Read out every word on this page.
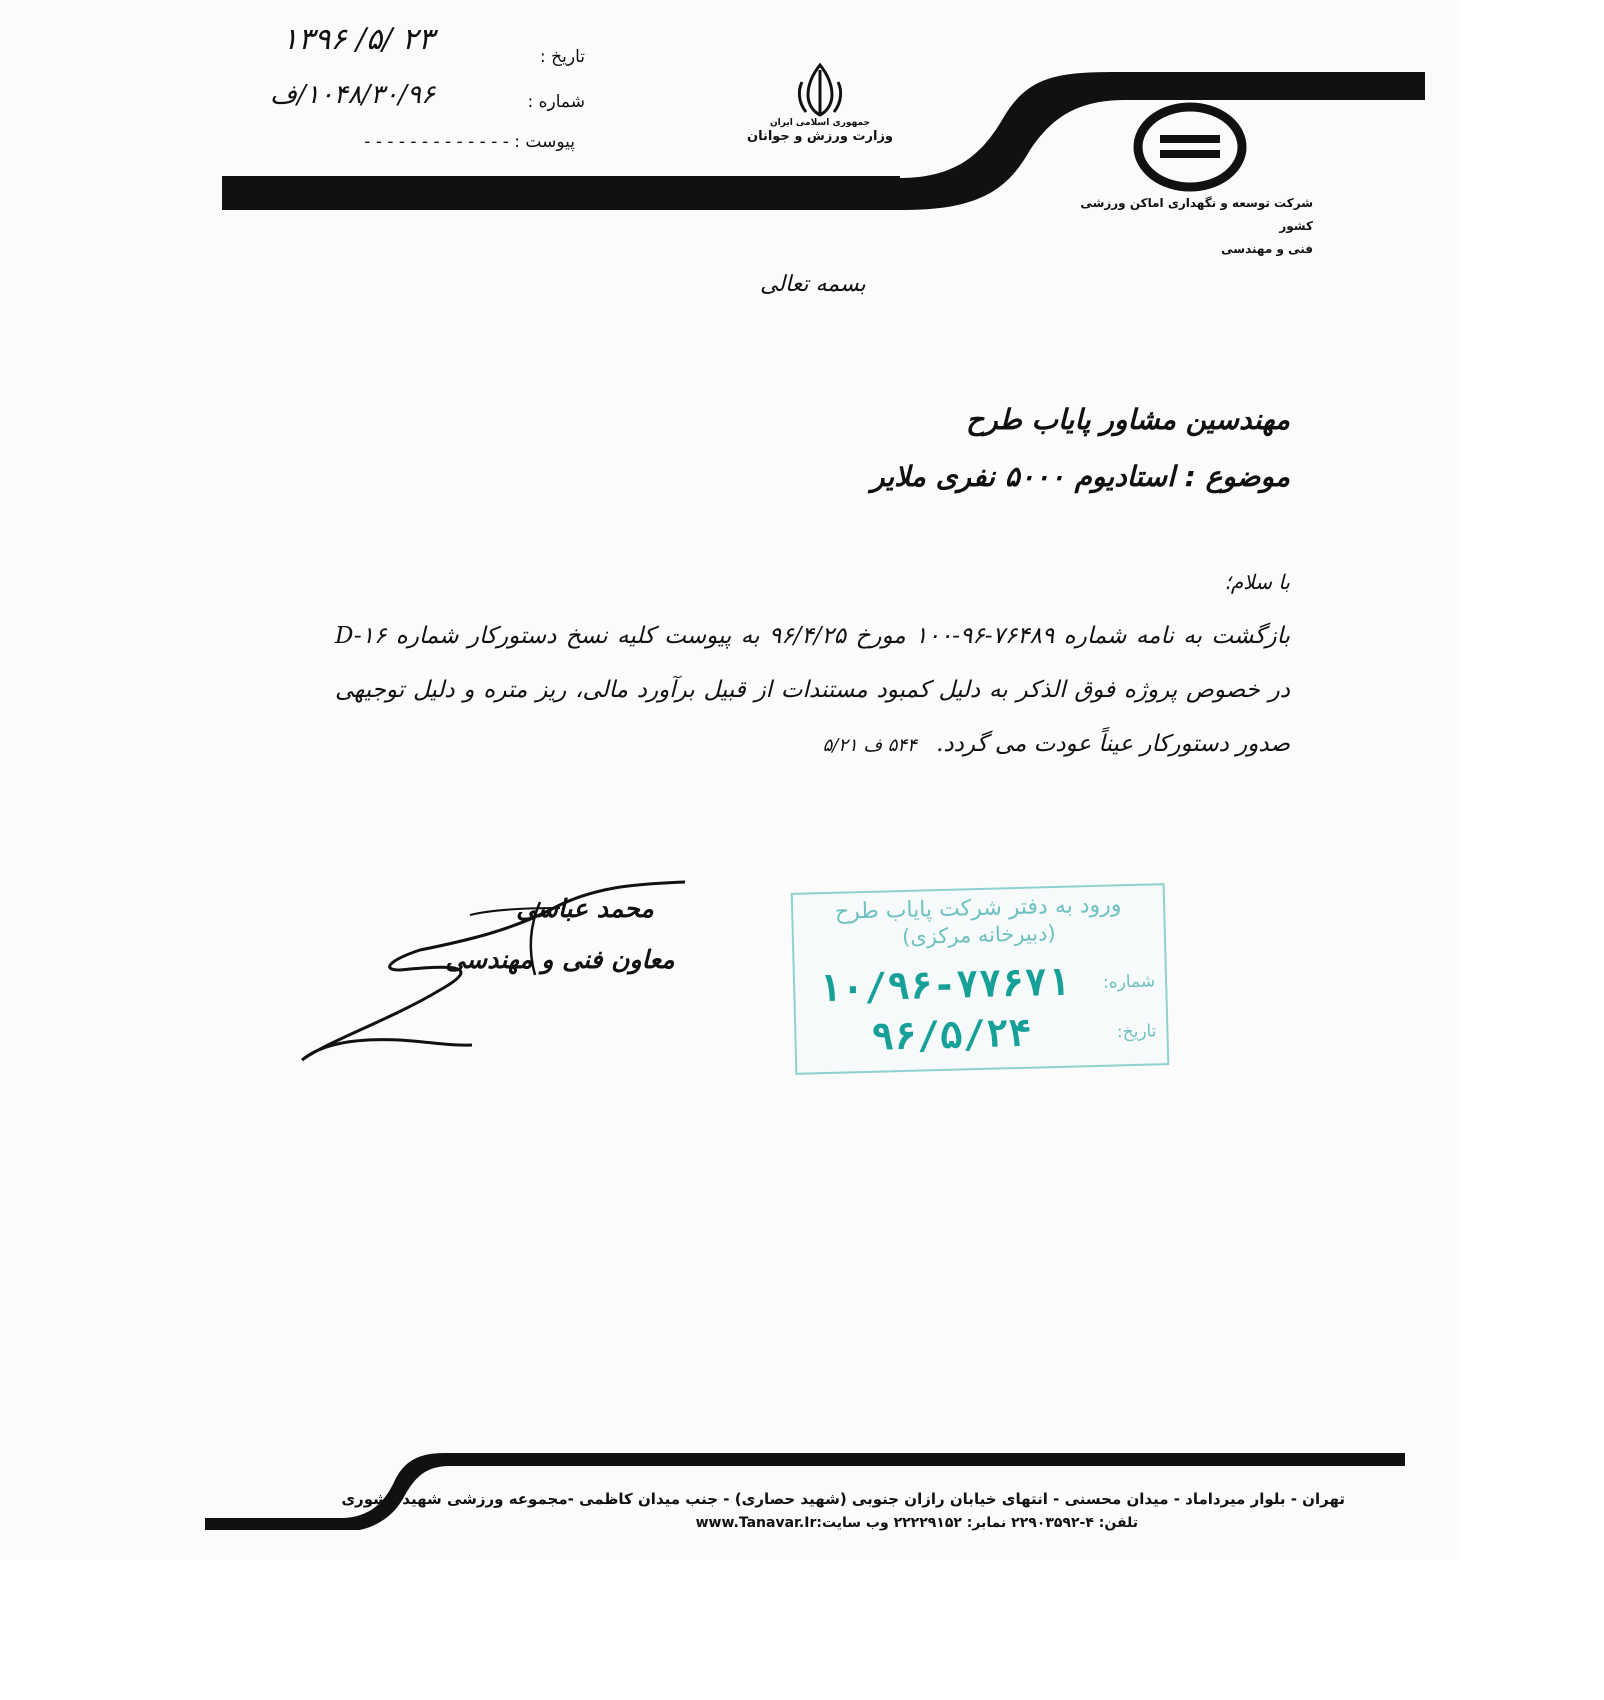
تاریخ :
۱۳۹۶ /۵/ ۲۳
شماره :
۱۰۴۸/۳۰/۹۶/ف
پیوست : - - - - - - - - - - - - -
جمهوری اسلامی ایران
وزارت ورزش و جوانان
شرکت توسعه و نگهداری اماکن ورزشی کشور
فنی و مهندسی
بسمه تعالی
مهندسین مشاور پایاب طرح
موضوع : استادیوم ۵۰۰۰ نفری ملایر
با سلام؛
بازگشت به نامه شماره ۷۶۴۸۹-۹۶-۱۰۰ مورخ ۹۶/۴/۲۵ به پیوست کلیه نسخ دستورکار شماره D-۱۶ در خصوص پروژه فوق الذکر به دلیل کمبود مستندات از قبیل برآورد مالی، ریز متره و دلیل توجیهی صدور دستورکار عیناً عودت می گردد. ۵۴۴ ف ۵/۲۱
محمد عباسی
معاون فنی و مهندسی
ورود به دفتر شرکت پایاب طرح
(دبیرخانه مرکزی)
شماره:
۱۰/۹۶-۷۷۶۷۱
تاریخ:
۹۶/۵/۲۴
تهران - بلوار میرداماد - میدان محسنی - انتهای خیابان رازان جنوبی (شهید حصاری) - جنب میدان کاظمی -مجموعه ورزشی شهید کشوری
تلفن: ۴-۲۲۹۰۳۵۹۲ نمابر: ۲۲۲۲۹۱۵۲ وب سایت:www.Tanavar.Ir
